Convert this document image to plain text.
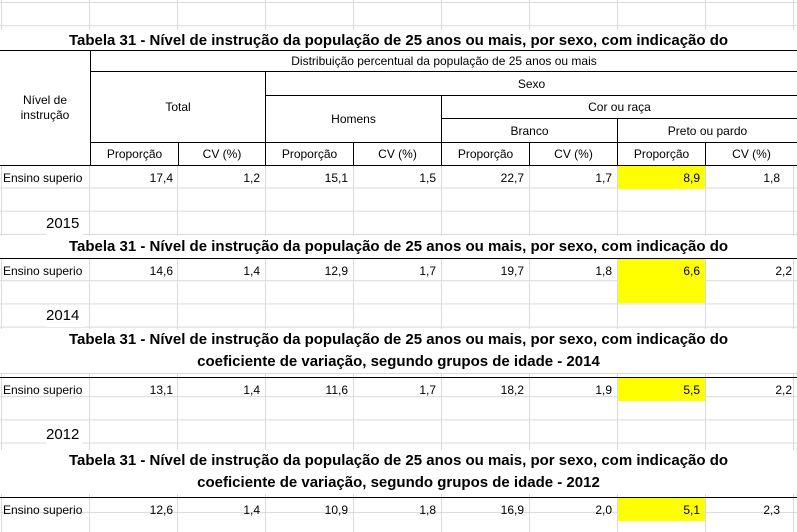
Tabela 31 - Nível de instrução da população de 25 anos ou mais, por sexo, com indicação do
Nível de instrução
Distribuição percentual da população de 25 anos ou mais
Total
Sexo
Homens
Cor ou raça
Branco	Preto ou pardo
Proporção	CV (%)	Proporção	CV (%)	Proporção	CV (%)	Proporção	CV (%)
Ensino superio	17,4	1,2	15,1	1,5	22,7	1,7	8,9	1,8
2015
Tabela 31 - Nível de instrução da população de 25 anos ou mais, por sexo, com indicação do
Ensino superio	14,6	1,4	12,9	1,7	19,7	1,8	6,6	2,2
2014
Tabela 31 - Nível de instrução da população de 25 anos ou mais, por sexo, com indicação do
coeficiente de variação, segundo grupos de idade - 2014
Ensino superio	13,1	1,4	11,6	1,7	18,2	1,9	5,5	2,2
2012
Tabela 31 - Nível de instrução da população de 25 anos ou mais, por sexo, com indicação do
coeficiente de variação, segundo grupos de idade - 2012
Ensino superio	12,6	1,4	10,9	1,8	16,9	2,0	5,1	2,3
